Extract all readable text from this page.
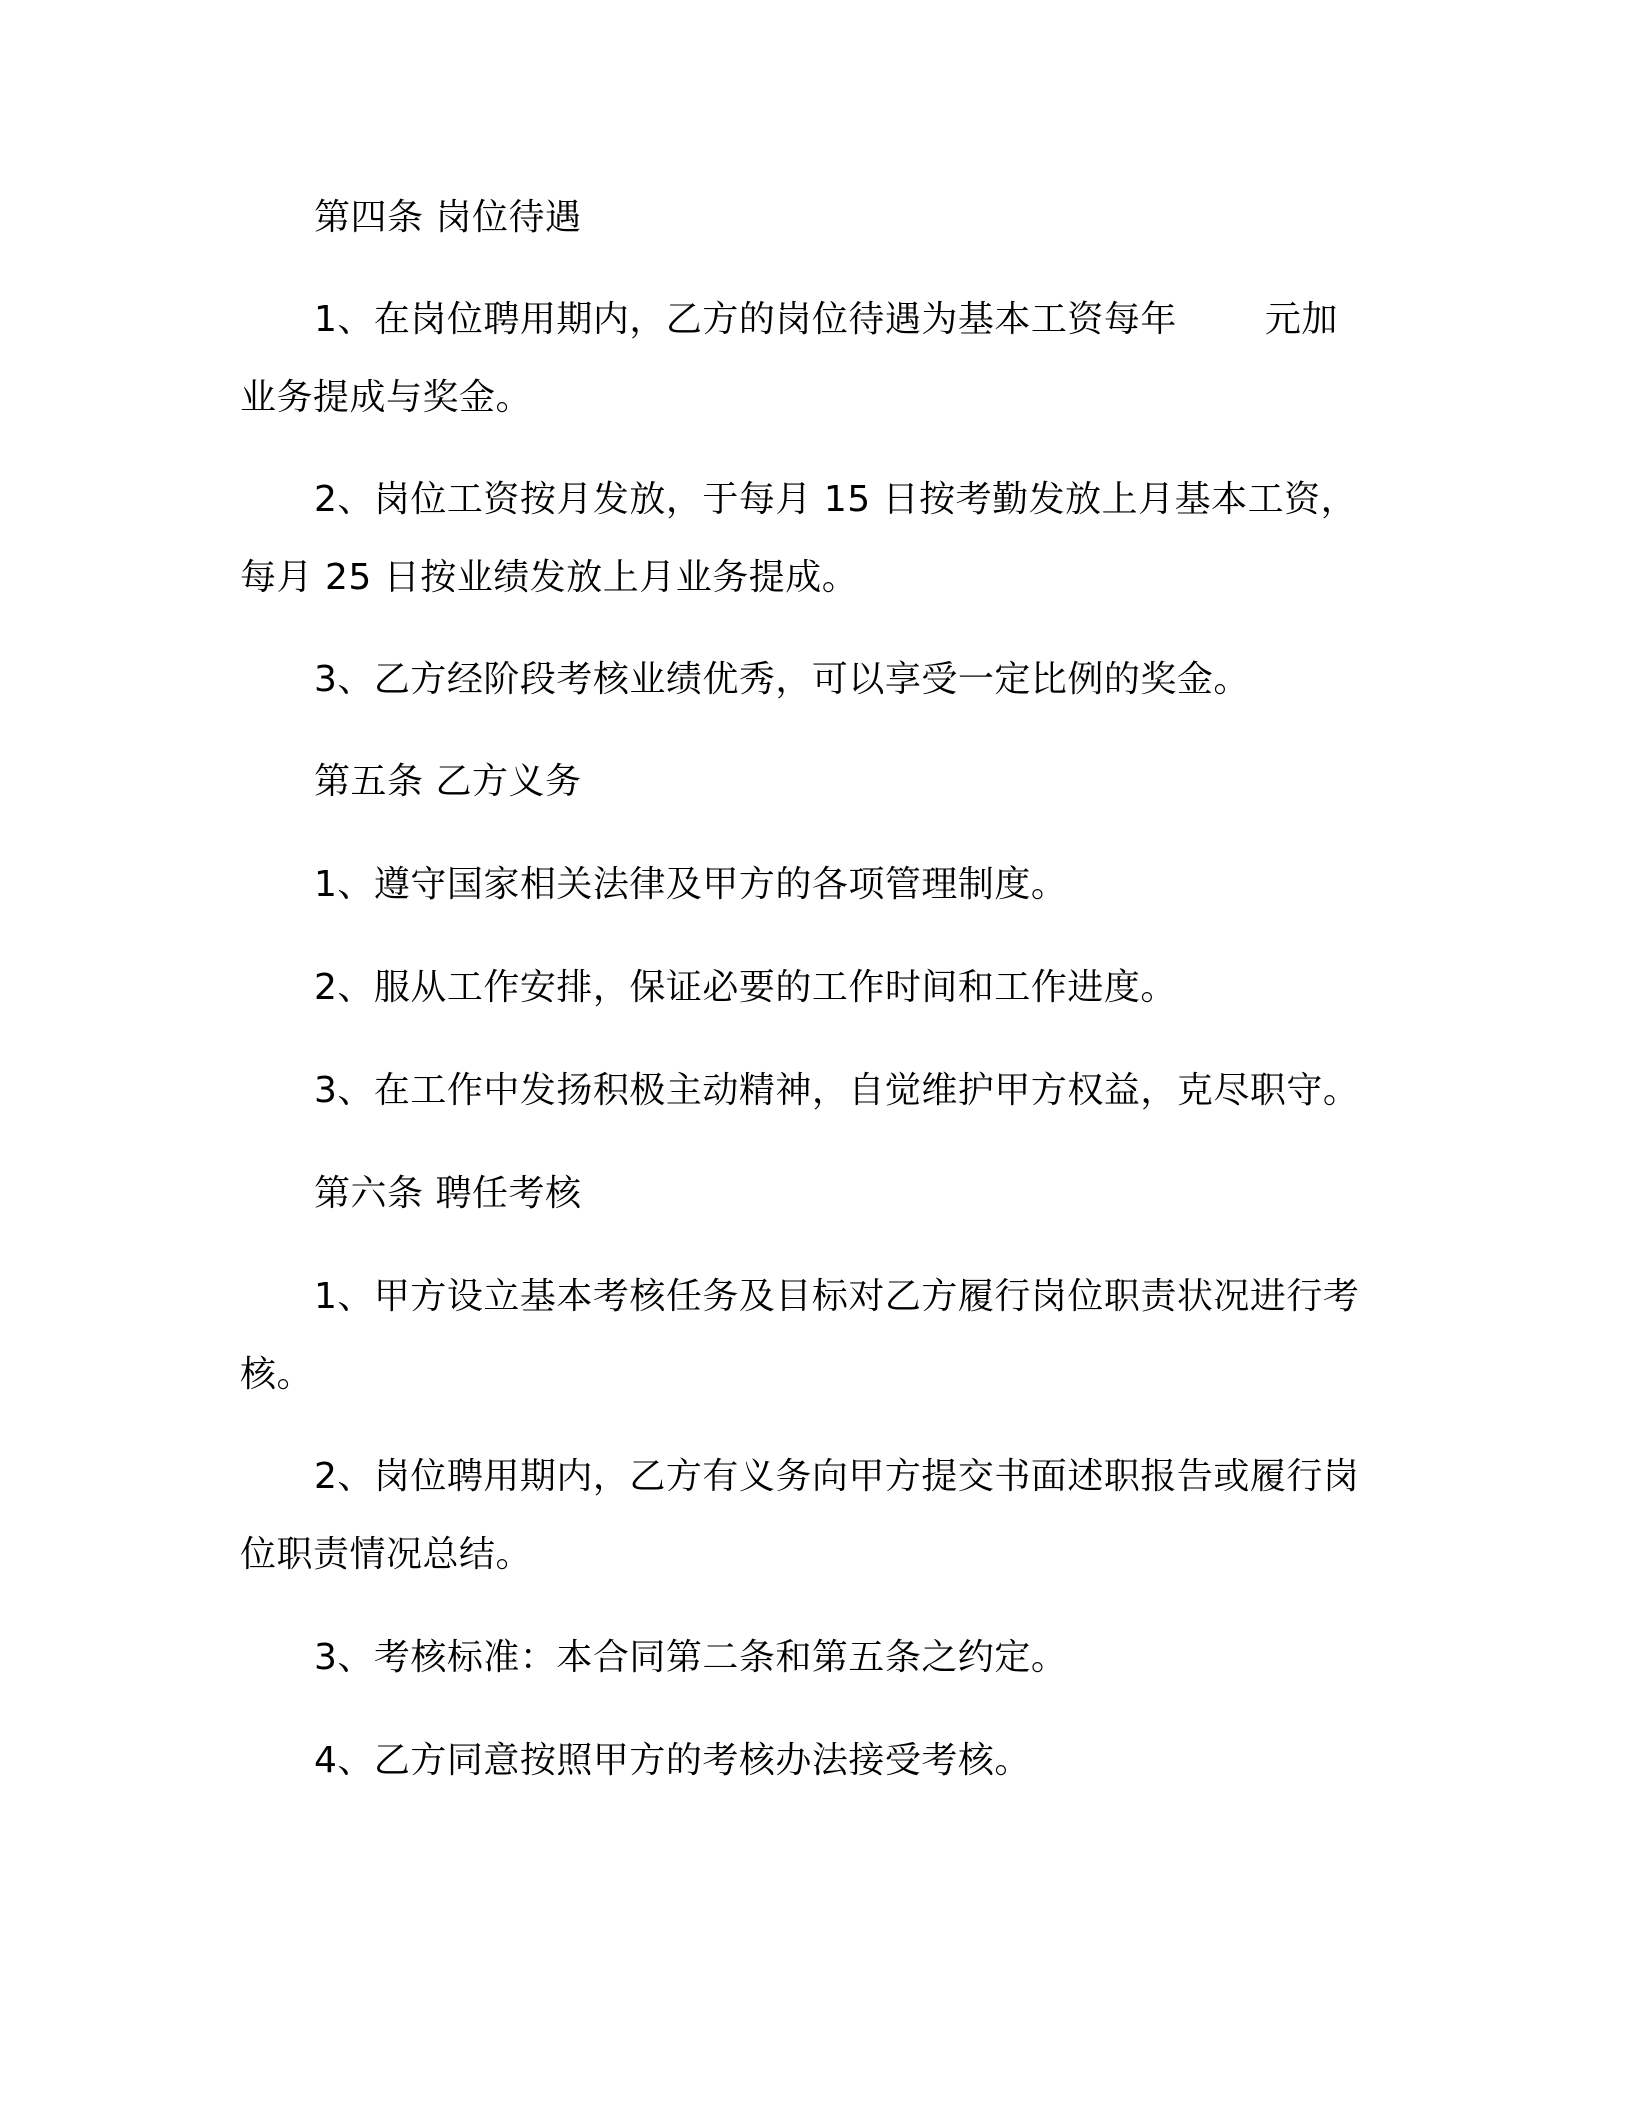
第四条 岗位待遇
1、在岗位聘用期内，乙方的岗位待遇为基本工资每年 元加
业务提成与奖金。
2、岗位工资按月发放，于每月 15 日按考勤发放上月基本工资，
每月 25 日按业绩发放上月业务提成。
3、乙方经阶段考核业绩优秀，可以享受一定比例的奖金。
第五条 乙方义务
1、遵守国家相关法律及甲方的各项管理制度。
2、服从工作安排，保证必要的工作时间和工作进度。
3、在工作中发扬积极主动精神，自觉维护甲方权益，克尽职守。
第六条 聘任考核
1、甲方设立基本考核任务及目标对乙方履行岗位职责状况进行考
核。
2、岗位聘用期内，乙方有义务向甲方提交书面述职报告或履行岗
位职责情况总结。
3、考核标准：本合同第二条和第五条之约定。
4、乙方同意按照甲方的考核办法接受考核。
